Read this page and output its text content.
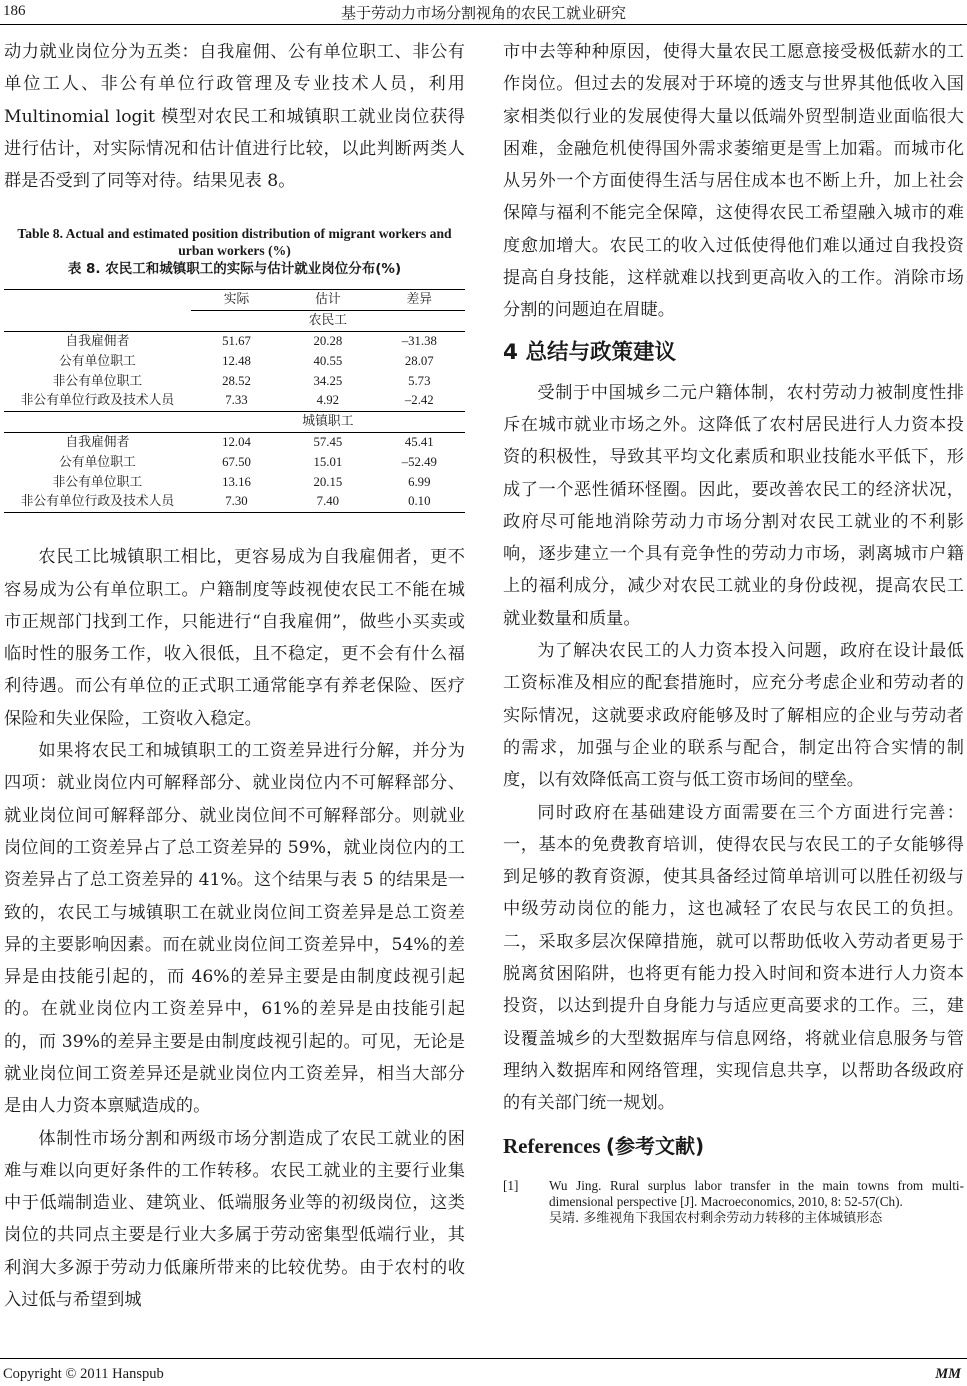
186	基于劳动力市场分割视角的农民工就业研究

动力就业岗位分为五类：自我雇佣、公有单位职工、非公有单位工人、非公有单位行政管理及专业技术人员，利用 Multinomial logit 模型对农民工和城镇职工就业岗位获得进行估计，对实际情况和估计值进行比较，以此判断两类人群是否受到了同等对待。结果见表 8。

Table 8. Actual and estimated position distribution of migrant workers and urban workers (%)
表 8. 农民工和城镇职工的实际与估计就业岗位分布(%)
	实际	估计	差异
	农民工		
自我雇佣者	51.67	20.28	–31.38
公有单位职工	12.48	40.55	28.07
非公有单位职工	28.52	34.25	5.73
非公有单位行政及技术人员	7.33	4.92	–2.42
	城镇职工		
自我雇佣者	12.04	57.45	45.41
公有单位职工	67.50	15.01	–52.49
非公有单位职工	13.16	20.15	6.99
非公有单位行政及技术人员	7.30	7.40	0.10

农民工比城镇职工相比，更容易成为自我雇佣者，更不容易成为公有单位职工。户籍制度等歧视使农民工不能在城市正规部门找到工作，只能进行“自我雇佣”，做些小买卖或临时性的服务工作，收入很低，且不稳定，更不会有什么福利待遇。而公有单位的正式职工通常能享有养老保险、医疗保险和失业保险，工资收入稳定。

如果将农民工和城镇职工的工资差异进行分解，并分为四项：就业岗位内可解释部分、就业岗位内不可解释部分、就业岗位间可解释部分、就业岗位间不可解释部分。则就业岗位间的工资差异占了总工资差异的 59%，就业岗位内的工资差异占了总工资差异的 41%。这个结果与表 5 的结果是一致的，农民工与城镇职工在就业岗位间工资差异是总工资差异的主要影响因素。而在就业岗位间工资差异中，54%的差异是由技能引起的，而 46%的差异主要是由制度歧视引起的。在就业岗位内工资差异中，61%的差异是由技能引起的，而 39%的差异主要是由制度歧视引起的。可见，无论是就业岗位间工资差异还是就业岗位内工资差异，相当大部分是由人力资本禀赋造成的。

体制性市场分割和两级市场分割造成了农民工就业的困难与难以向更好条件的工作转移。农民工就业的主要行业集中于低端制造业、建筑业、低端服务业等的初级岗位，这类岗位的共同点主要是行业大多属于劳动密集型低端行业，其利润大多源于劳动力低廉所带来的比较优势。由于农村的收入过低与希望到城

市中去等种种原因，使得大量农民工愿意接受极低薪水的工作岗位。但过去的发展对于环境的透支与世界其他低收入国家相类似行业的发展使得大量以低端外贸型制造业面临很大困难，金融危机使得国外需求萎缩更是雪上加霜。而城市化从另外一个方面使得生活与居住成本也不断上升，加上社会保障与福利不能完全保障，这使得农民工希望融入城市的难度愈加增大。农民工的收入过低使得他们难以通过自我投资提高自身技能，这样就难以找到更高收入的工作。消除市场分割的问题迫在眉睫。

4 总结与政策建议

受制于中国城乡二元户籍体制，农村劳动力被制度性排斥在城市就业市场之外。这降低了农村居民进行人力资本投资的积极性，导致其平均文化素质和职业技能水平低下，形成了一个恶性循环怪圈。因此，要改善农民工的经济状况，政府尽可能地消除劳动力市场分割对农民工就业的不利影响，逐步建立一个具有竞争性的劳动力市场，剥离城市户籍上的福利成分，减少对农民工就业的身份歧视，提高农民工就业数量和质量。

为了解决农民工的人力资本投入问题，政府在设计最低工资标准及相应的配套措施时，应充分考虑企业和劳动者的实际情况，这就要求政府能够及时了解相应的企业与劳动者的需求，加强与企业的联系与配合，制定出符合实情的制度，以有效降低高工资与低工资市场间的壁垒。

同时政府在基础建设方面需要在三个方面进行完善：一，基本的免费教育培训，使得农民与农民工的子女能够得到足够的教育资源，使其具备经过简单培训可以胜任初级与中级劳动岗位的能力，这也减轻了农民与农民工的负担。二，采取多层次保障措施，就可以帮助低收入劳动者更易于脱离贫困陷阱，也将更有能力投入时间和资本进行人力资本投资，以达到提升自身能力与适应更高要求的工作。三，建设覆盖城乡的大型数据库与信息网络，将就业信息服务与管理纳入数据库和网络管理，实现信息共享，以帮助各级政府的有关部门统一规划。

References (参考文献)
[1] Wu Jing. Rural surplus labor transfer in the main towns from multi-dimensional perspective [J]. Macroeconomics, 2010, 8: 52-57(Ch).
吴靖. 多维视角下我国农村剩余劳动力转移的主体城镇形态
Copyright © 2011 Hanspub	MM
